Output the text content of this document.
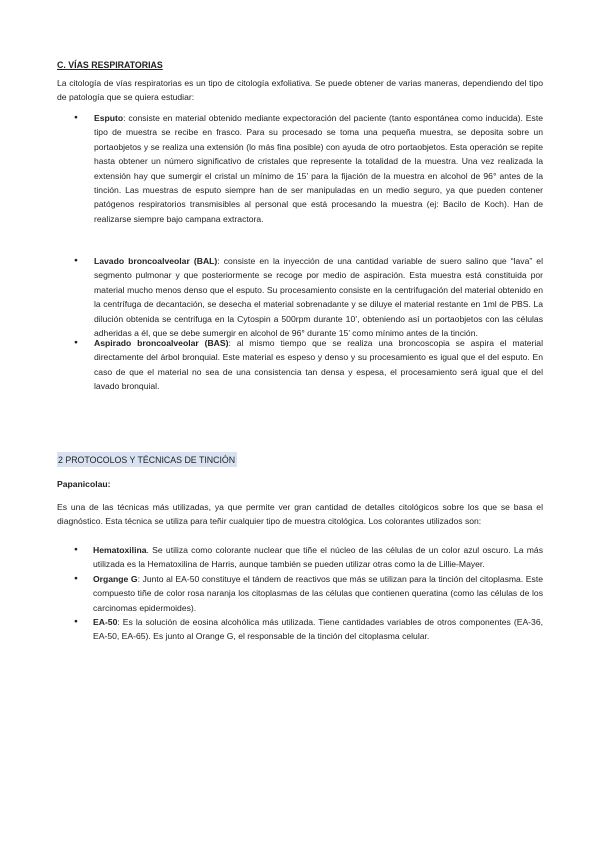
C. VÍAS RESPIRATORIAS

La citología de vías respiratorias es un tipo de citología exfoliativa. Se puede obtener de varias maneras, dependiendo del tipo de patología que se quiera estudiar:

● Esputo: consiste en material obtenido mediante expectoración del paciente (tanto espontánea como inducida). Este tipo de muestra se recibe en frasco. Para su procesado se toma una pequeña muestra, se deposita sobre un portaobjetos y se realiza una extensión (lo más fina posible) con ayuda de otro portaobjetos. Esta operación se repite hasta obtener un número significativo de cristales que represente la totalidad de la muestra. Una vez realizada la extensión hay que sumergir el cristal un mínimo de 15’ para la fijación de la muestra en alcohol de 96° antes de la tinción. Las muestras de esputo siempre han de ser manipuladas en un medio seguro, ya que pueden contener patógenos respiratorios transmisibles al personal que está procesando la muestra (ej: Bacilo de Koch). Han de realizarse siempre bajo campana extractora.
● Lavado broncoalveolar (BAL): consiste en la inyección de una cantidad variable de suero salino que “lava” el segmento pulmonar y que posteriormente se recoge por medio de aspiración. Esta muestra está constituida por material mucho menos denso que el esputo. Su procesamiento consiste en la centrifugación del material obtenido en la centrífuga de decantación, se desecha el material sobrenadante y se diluye el material restante en 1ml de PBS. La dilución obtenida se centrifuga en la Cytospin a 500rpm durante 10’, obteniendo así un portaobjetos con las células adheridas a él, que se debe sumergir en alcohol de 96° durante 15’ como mínimo antes de la tinción.
● Aspirado broncoalveolar (BAS): al mismo tiempo que se realiza una broncoscopia se aspira el material directamente del árbol bronquial. Este material es espeso y denso y su procesamiento es igual que el del esputo. En caso de que el material no sea de una consistencia tan densa y espesa, el procesamiento será igual que el del lavado bronquial.

2 PROTOCOLOS Y TÉCNICAS DE TINCIÓN

Papanicolau:

Es una de las técnicas más utilizadas, ya que permite ver gran cantidad de detalles citológicos sobre los que se basa el diagnóstico. Esta técnica se utiliza para teñir cualquier tipo de muestra citológica. Los colorantes utilizados son:

● Hematoxilina. Se utiliza como colorante nuclear que tiñe el núcleo de las células de un color azul oscuro. La más utilizada es la Hematoxilina de Harris, aunque también se pueden utilizar otras como la de Lillie-Mayer.
● Organge G: Junto al EA-50 constituye el tándem de reactivos que más se utilizan para la tinción del citoplasma. Este compuesto tiñe de color rosa naranja los citoplasmas de las células que contienen queratina (como las células de los carcinomas epidermoides).
● EA-50: Es la solución de eosina alcohólica más utilizada. Tiene cantidades variables de otros componentes (EA-36, EA-50, EA-65). Es junto al Orange G, el responsable de la tinción del citoplasma celular.
